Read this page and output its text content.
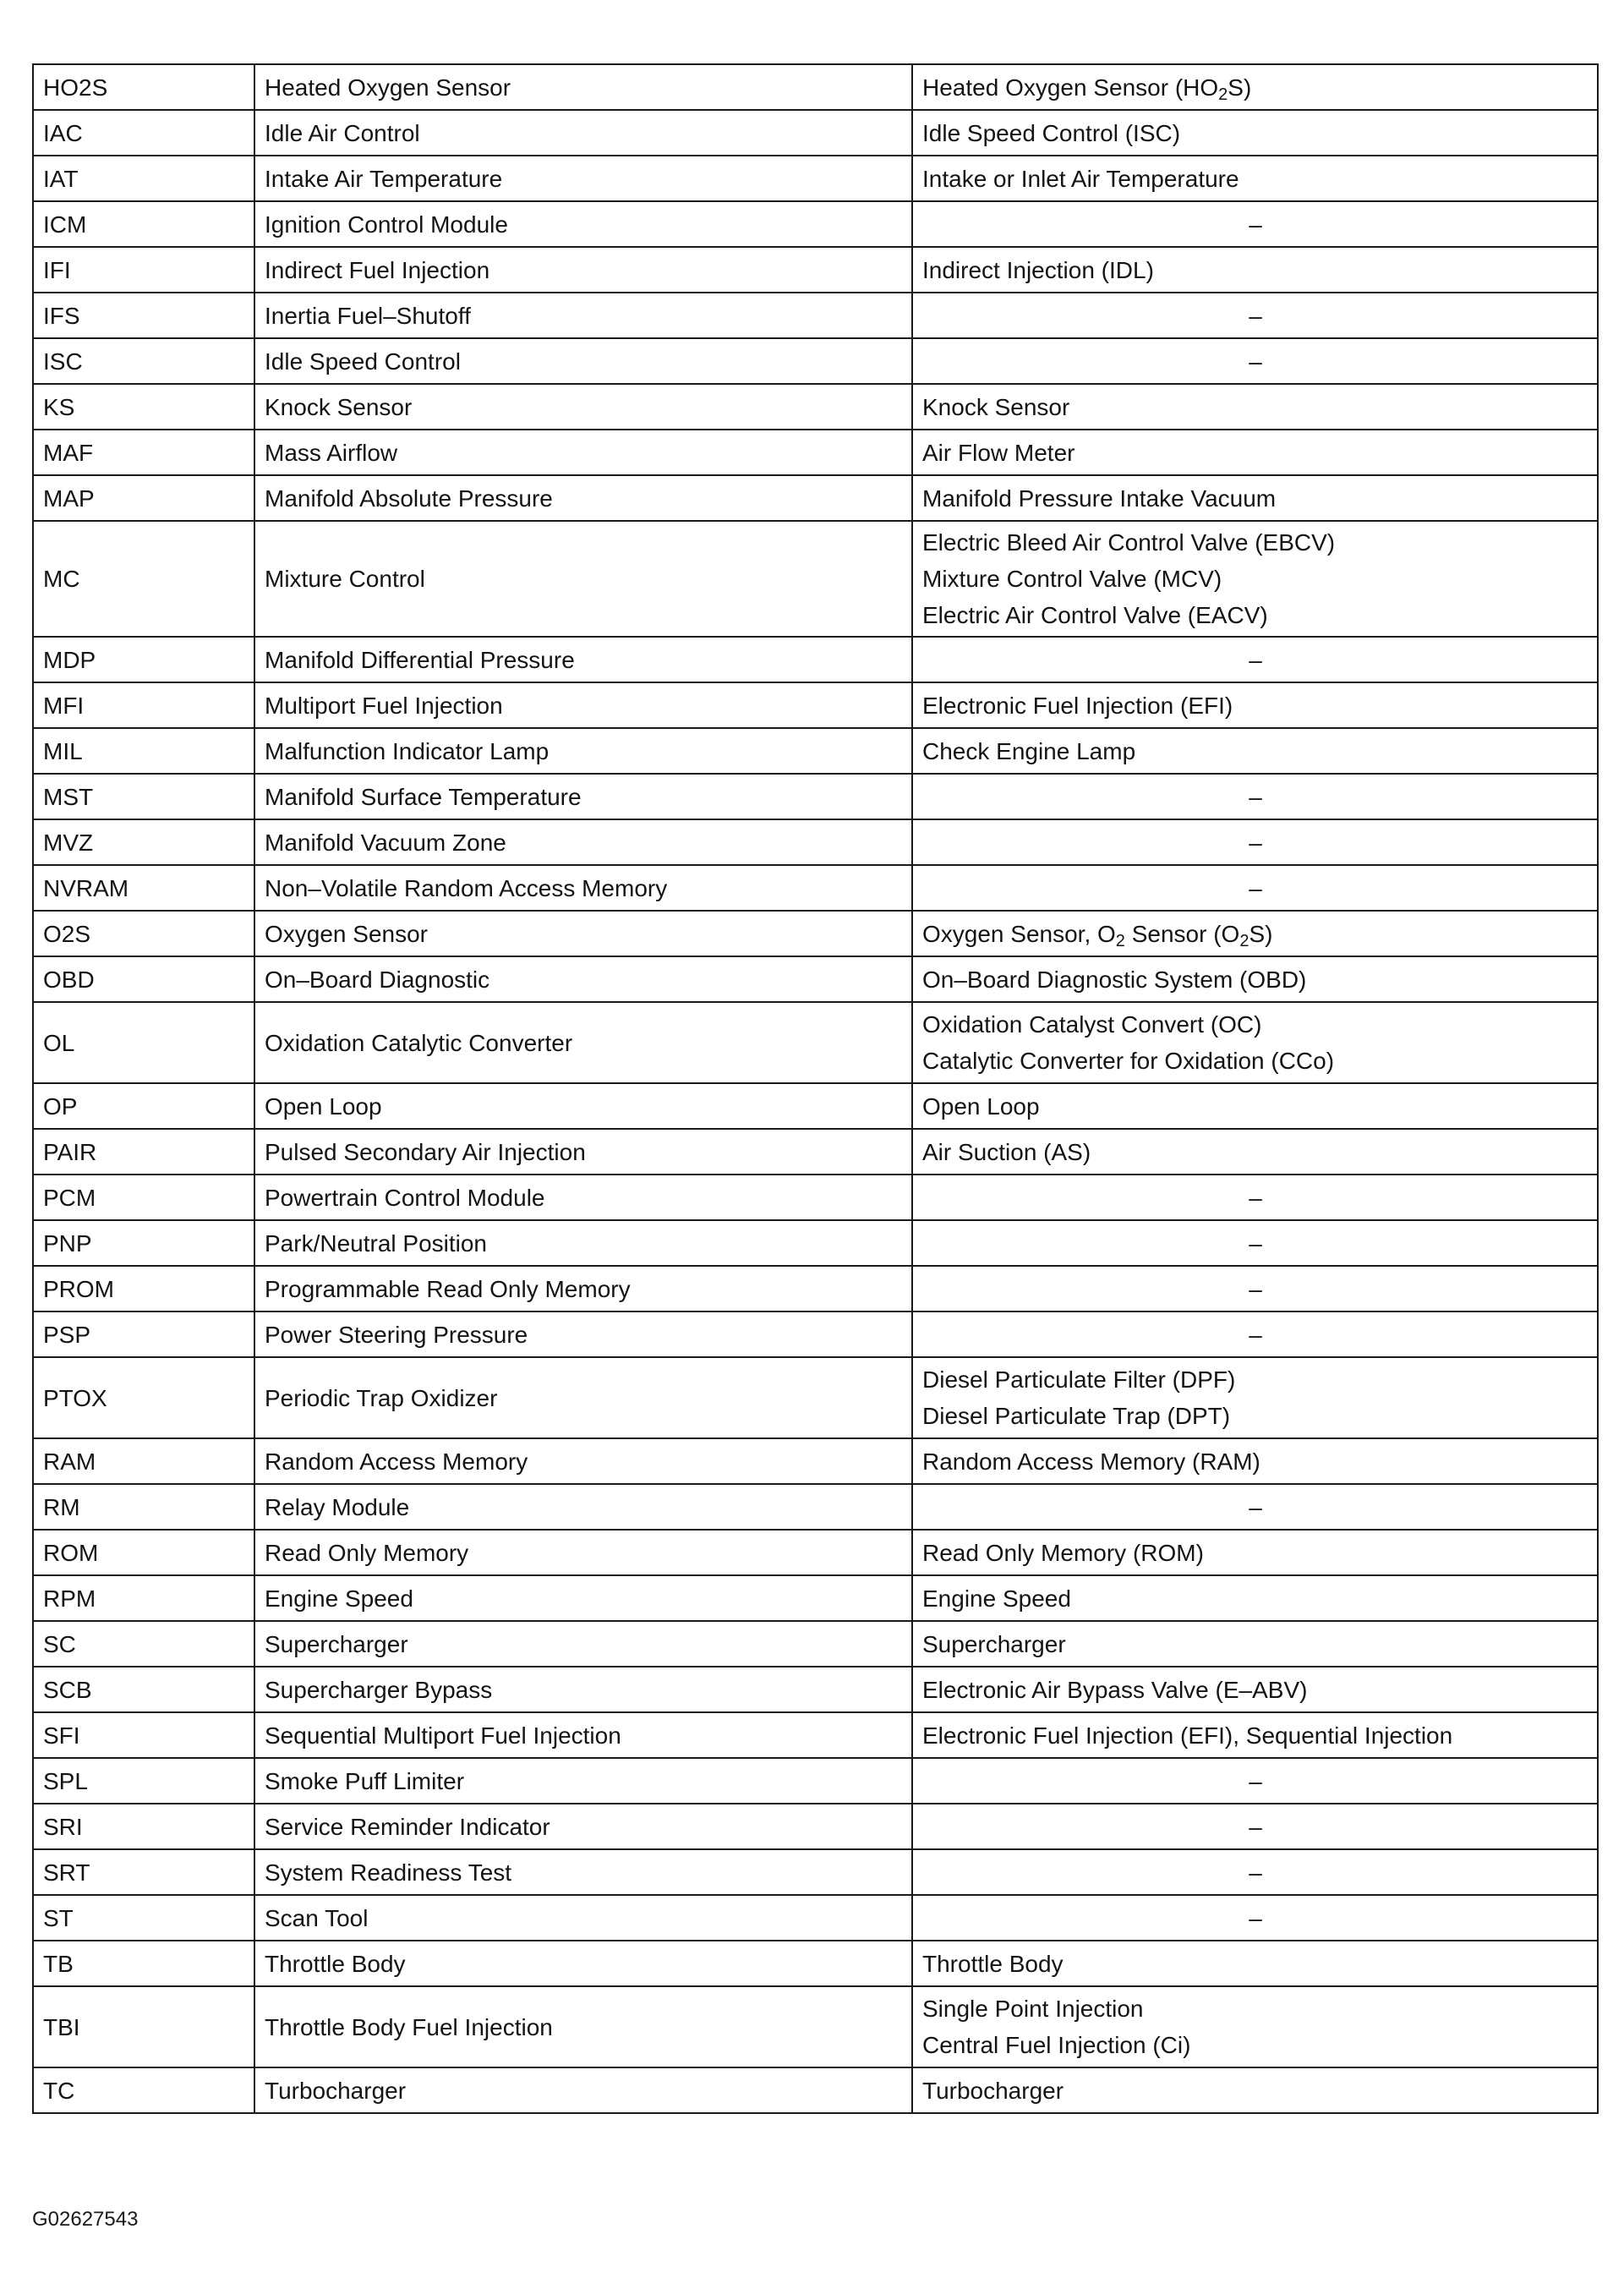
HO2S	Heated Oxygen Sensor	Heated Oxygen Sensor $(HO_2S)$

IAC	Idle Air Control	Idle Speed Control (ISC)

IAT	Intake Air Temperature	Intake or Inlet Air Temperature

ICM	Ignition Control Module	–

IFI	Indirect Fuel Injection	Indirect Injection (IDL)

IFS	Inertia Fuel–Shutoff	–

ISC	Idle Speed Control	–

KS	Knock Sensor	Knock Sensor

MAF	Mass Airflow	Air Flow Meter

MAP	Manifold Absolute Pressure	Manifold Pressure Intake Vacuum

MC	Mixture Control	Electric Bleed Air Control Valve (EBCV)
Mixture Control Valve (MCV)
Electric Air Control Valve (EACV)

MDP	Manifold Differential Pressure	–

MFI	Multiport Fuel Injection	Electronic Fuel Injection (EFI)

MIL	Malfunction Indicator Lamp	Check Engine Lamp

MST	Manifold Surface Temperature	–

MVZ	Manifold Vacuum Zone	–

NVRAM	Non–Volatile Random Access Memory	–

O2S	Oxygen Sensor	Oxygen Sensor, $O_2$ Sensor $(O_2S)$

OBD	On–Board Diagnostic	On–Board Diagnostic System (OBD)

OL	Oxidation Catalytic Converter	Oxidation Catalyst Convert (OC)
Catalytic Converter for Oxidation (CCo)

OP	Open Loop	Open Loop

PAIR	Pulsed Secondary Air Injection	Air Suction (AS)

PCM	Powertrain Control Module	–

PNP	Park/Neutral Position	–

PROM	Programmable Read Only Memory	–

PSP	Power Steering Pressure	–

PTOX	Periodic Trap Oxidizer	Diesel Particulate Filter (DPF)
Diesel Particulate Trap (DPT)

RAM	Random Access Memory	Random Access Memory (RAM)

RM	Relay Module	–

ROM	Read Only Memory	Read Only Memory (ROM)

RPM	Engine Speed	Engine Speed

SC	Supercharger	Supercharger

SCB	Supercharger Bypass	Electronic Air Bypass Valve (E–ABV)

SFI	Sequential Multiport Fuel Injection	Electronic Fuel Injection (EFI), Sequential Injection

SPL	Smoke Puff Limiter	–

SRI	Service Reminder Indicator	–

SRT	System Readiness Test	–

ST	Scan Tool	–

TB	Throttle Body	Throttle Body

TBI	Throttle Body Fuel Injection	Single Point Injection
Central Fuel Injection (Ci)

TC	Turbocharger	Turbocharger
G02627543
